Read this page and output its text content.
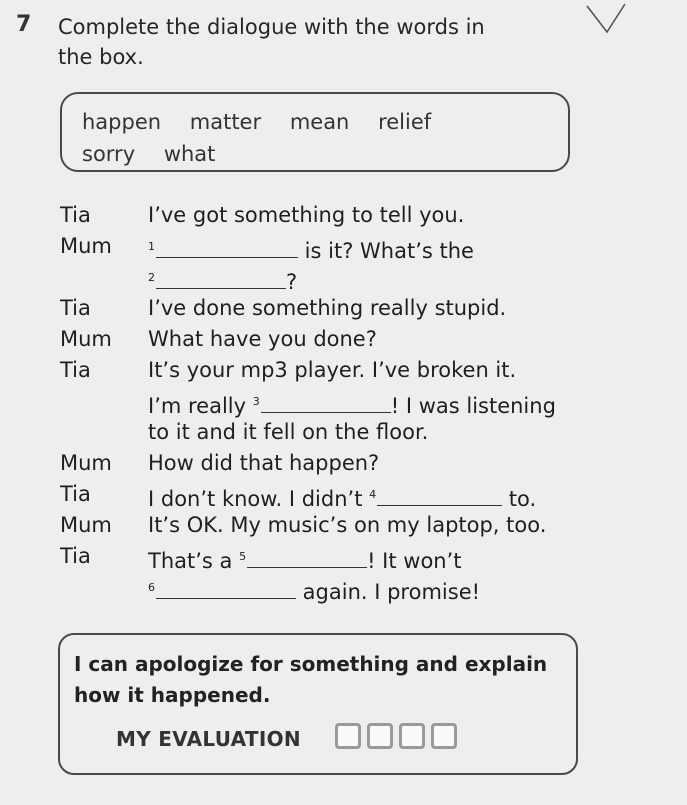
7 Complete the dialogue with the words in
the box.
happen matter mean relief
sorry what
Tia	I’ve got something to tell you.
Mum	$^1$	is it? What’s the
$^2$	?
Tia	I’ve done something really stupid.
Mum	What have you done?
Tia	It’s your mp3 player. I’ve broken it.
I’m really $^3$	! I was listening
to it and it fell on the floor.
Mum	How did that happen?
Tia	I don’t know. I didn’t $^4$	to.
Mum	It’s OK. My music’s on my laptop, too.
Tia	That’s a $^5$	! It won’t
$^6$	again. I promise!
I can apologize for something and explain how it happened.
MY EVALUATION
